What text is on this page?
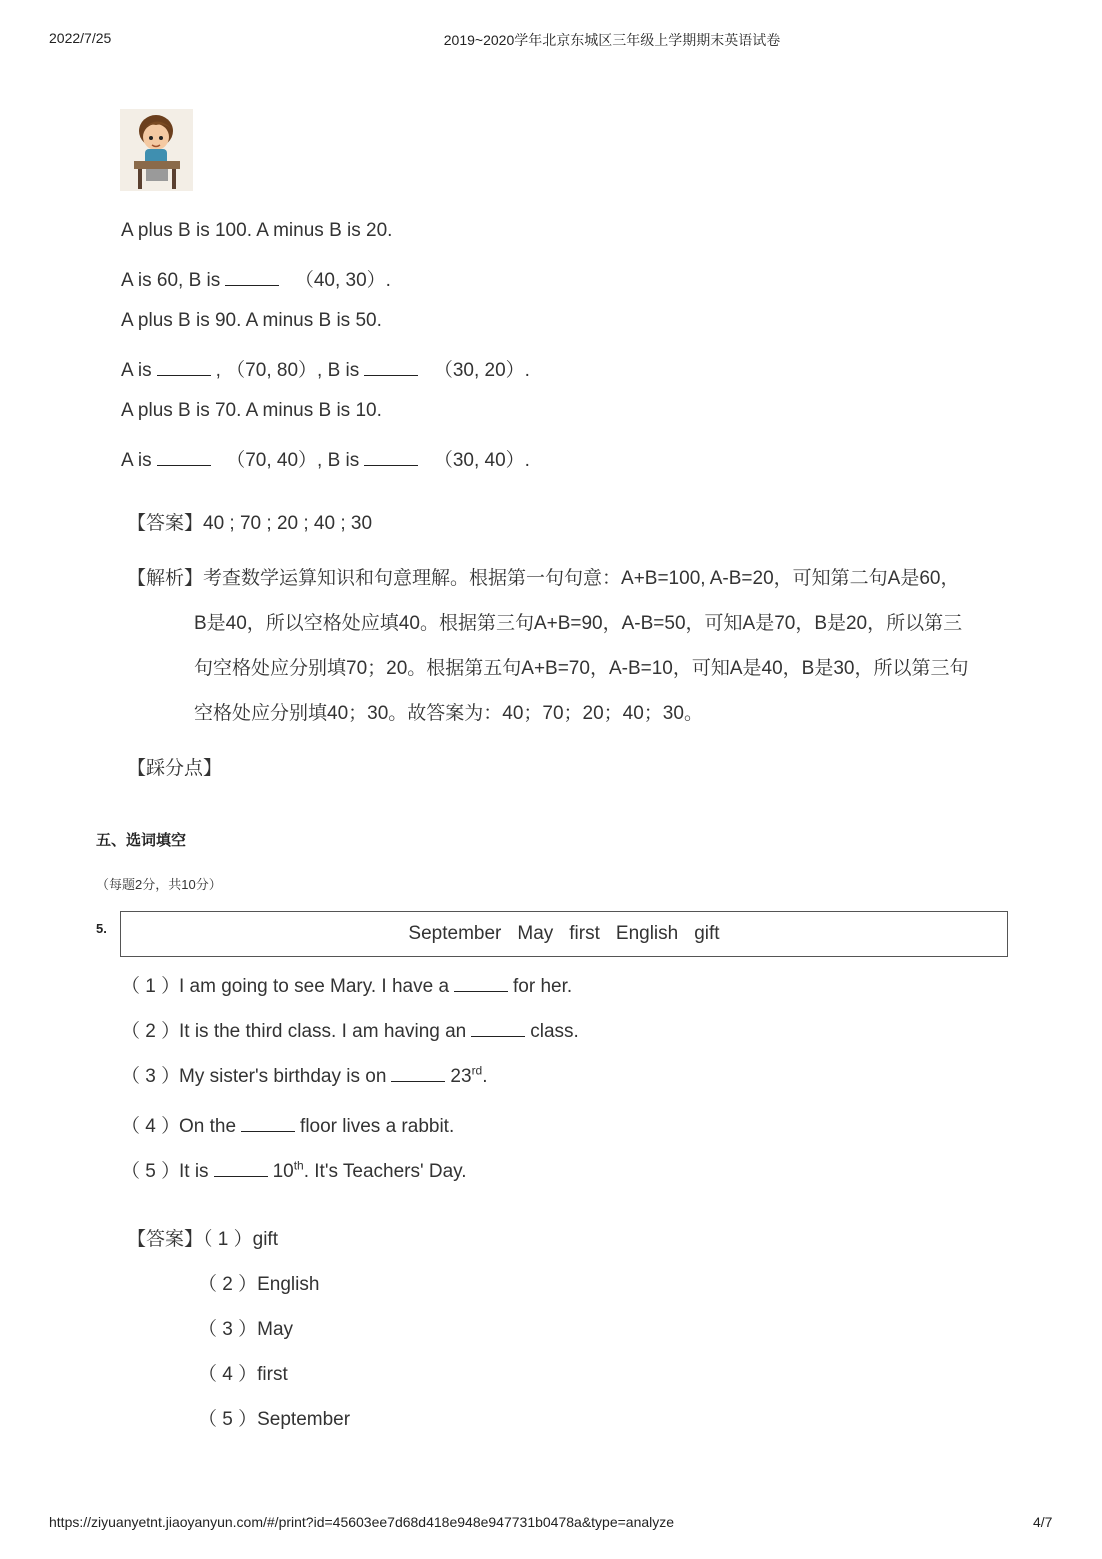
2022/7/25	2019~2020学年北京东城区三年级上学期期末英语试卷
A plus B is 100. A minus B is 20.
A is 60, B is	（40, 30）.
A plus B is 90. A minus B is 50.
A is	, （70, 80）, B is	（30, 20）.
A plus B is 70. A minus B is 10.
A is	（70, 40）, B is	（30, 40）.
【答案】40 ; 70 ; 20 ; 40 ; 30
【解析】考查数学运算知识和句意理解。根据第一句句意：A+B=100, A-B=20，可知第二句A是60，
B是40，所以空格处应填40。根据第三句A+B=90，A-B=50，可知A是70，B是20，所以第三
句空格处应分别填70；20。根据第五句A+B=70，A-B=10，可知A是40，B是30，所以第三句
空格处应分别填40；30。故答案为：40；70；20；40；30。
【踩分点】
五、选词填空
（每题2分，共10分）
5.	September May first English gift
（ 1 ）I am going to see Mary. I have a	for her.
（ 2 ）It is the third class. I am having an	class.
（ 3 ）My sister's birthday is on	23rd.
（ 4 ）On the	floor lives a rabbit.
（ 5 ）It is	10th. It's Teachers' Day.
【答案】（ 1 ）gift
（ 2 ）English
（ 3 ）May
（ 4 ）first
（ 5 ）September
https://ziyuanyetnt.jiaoyanyun.com/#/print?id=45603ee7d68d418e948e947731b0478a&type=analyze	4/7
